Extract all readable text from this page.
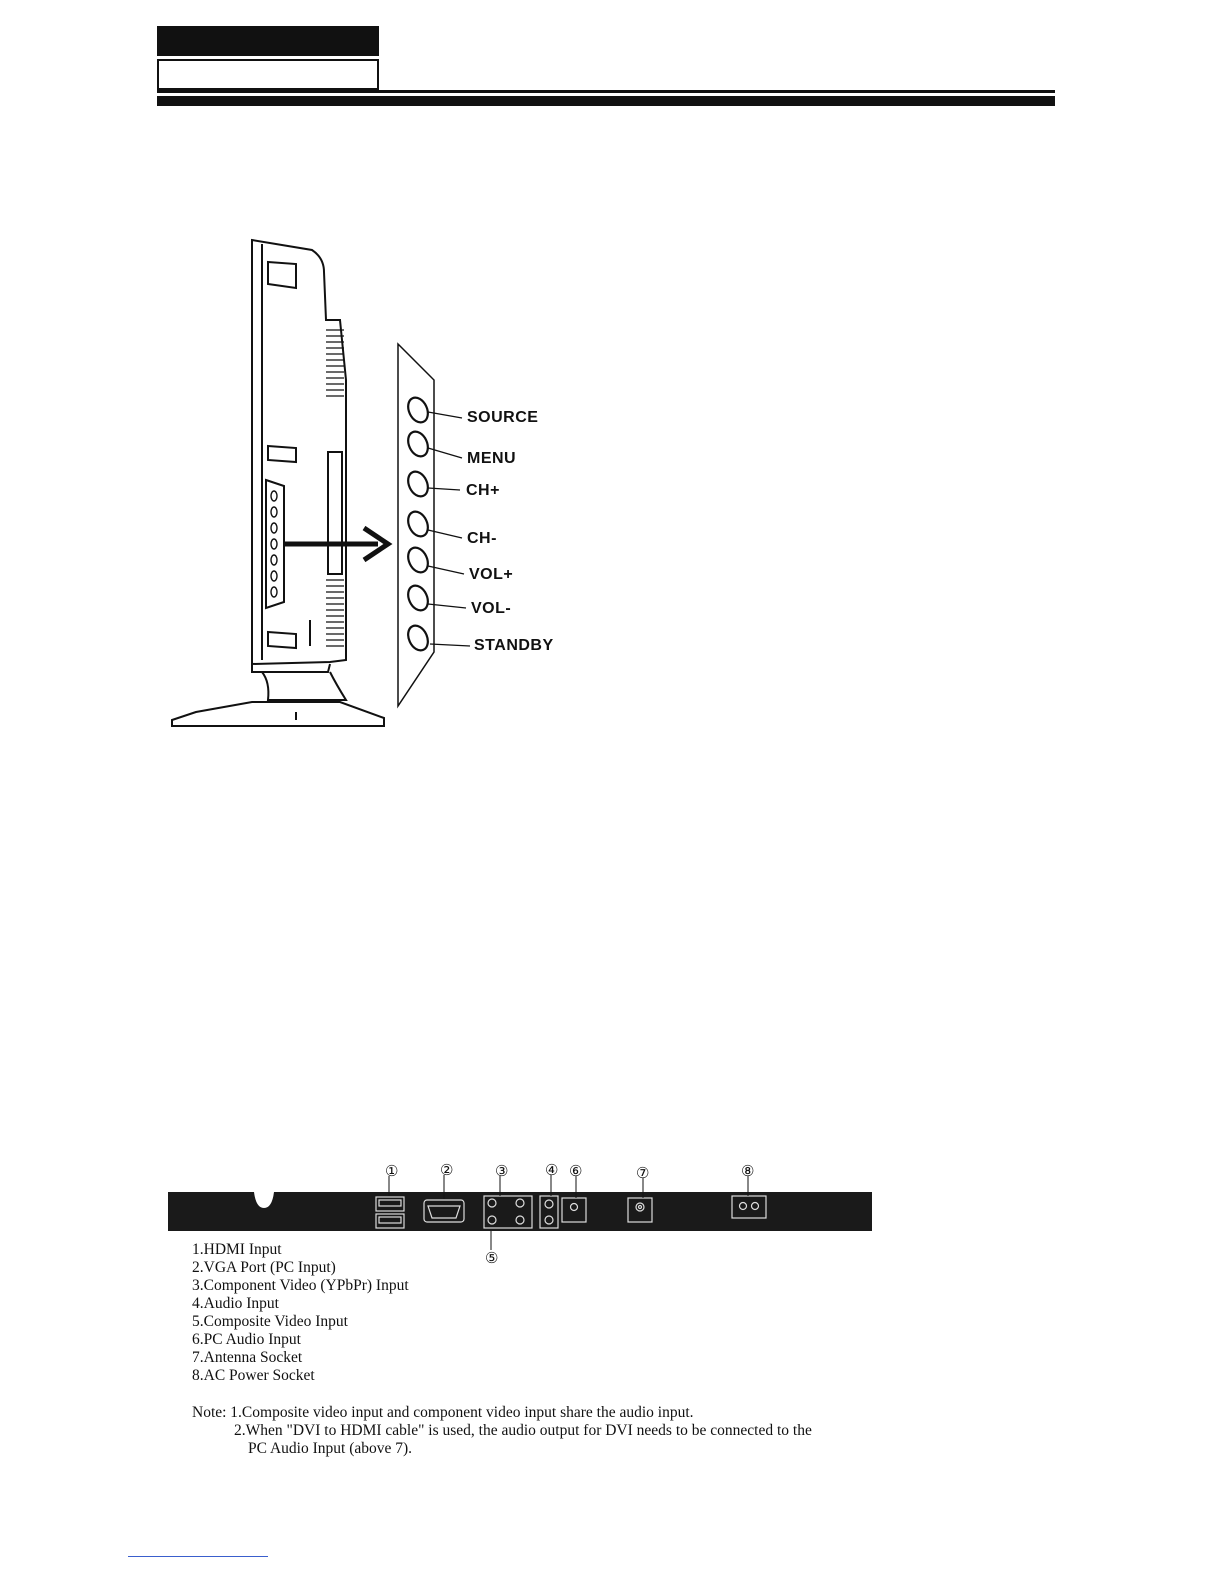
SOURCE
MENU
CH+
CH-
VOL+
VOL-
STANDBY
①	②	③ ④ ⑥	⑦	⑧
⑤
1.HDMI Input
2.VGA Port (PC Input)
3.Component Video (YPbPr) Input
4.Audio Input
5.Composite Video Input
6.PC Audio Input
7.Antenna Socket
8.AC Power Socket
Note: 1.Composite video input and component video input share the audio input.
2.When "DVI to HDMI cable" is used, the audio output for DVI needs to be connected to the
PC Audio Input (above 7).
